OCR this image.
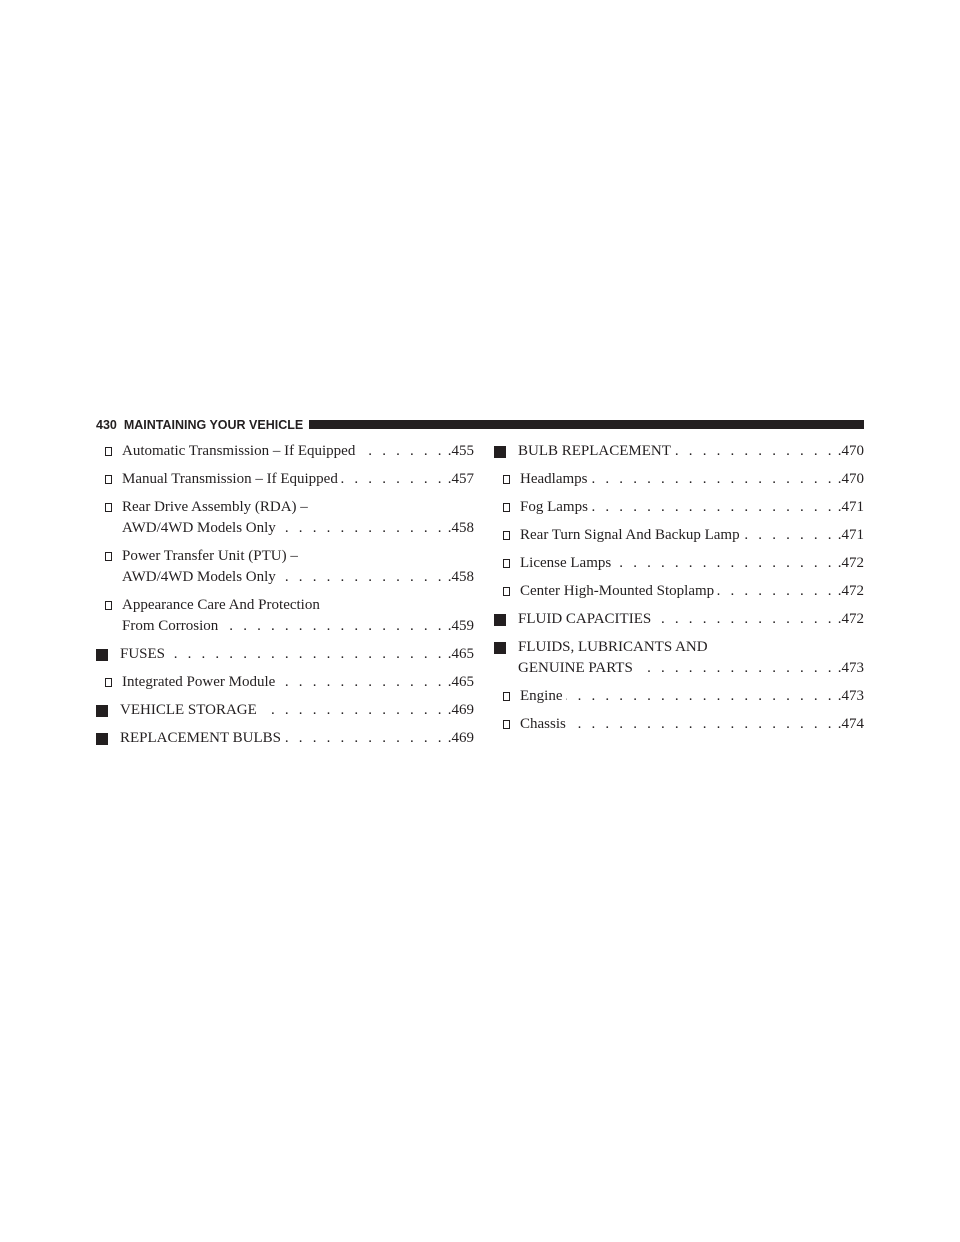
430 MAINTAINING YOUR VEHICLE
Automatic Transmission – If Equipped . . .	.455
Manual Transmission – If Equipped . . .	.457
Rear Drive Assembly (RDA) –
AWD/4WD Models Only . . .	.458
Power Transfer Unit (PTU) –
AWD/4WD Models Only . . .	.458
Appearance Care And Protection
From Corrosion . . .	.459
FUSES . . .	.465
Integrated Power Module . . .	.465
VEHICLE STORAGE . . .	.469
REPLACEMENT BULBS . . .	.469
BULB REPLACEMENT . . .	.470
Headlamps . . .	.470
Fog Lamps . . .	.471
Rear Turn Signal And Backup Lamp . . .	.471
License Lamps . . .	.472
Center High-Mounted Stoplamp . . .	.472
FLUID CAPACITIES . . .	.472
FLUIDS, LUBRICANTS AND
GENUINE PARTS . . .	.473
Engine . . .	.473
Chassis . . .	.474
